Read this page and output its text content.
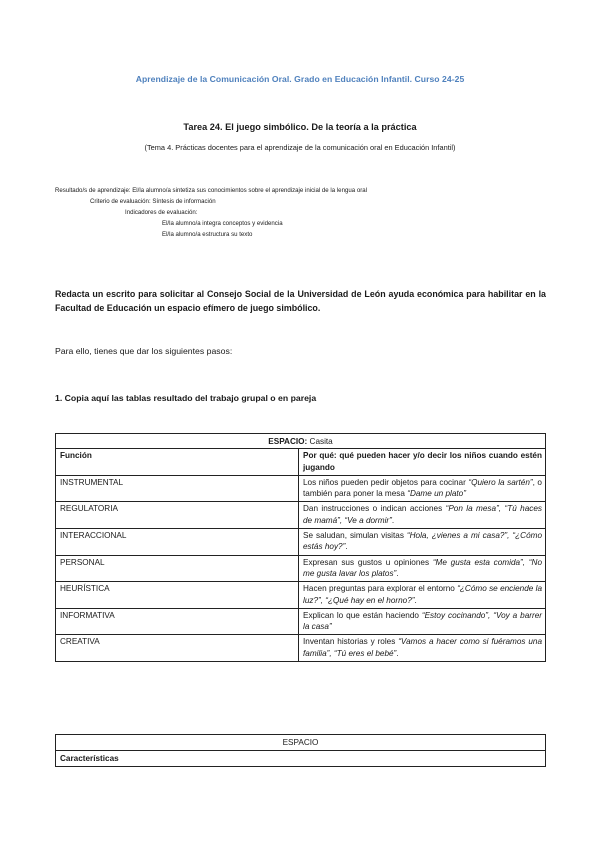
Aprendizaje de la Comunicación Oral. Grado en Educación Infantil. Curso 24-25
Tarea 24. El juego simbólico. De la teoría a la práctica
(Tema 4. Prácticas docentes para el aprendizaje de la comunicación oral en Educación Infantil)
Resultado/s de aprendizaje: El/la alumno/a sintetiza sus conocimientos sobre el aprendizaje inicial de la lengua oral
Criterio de evaluación: Síntesis de información
Indicadores de evaluación:
El/la alumno/a integra conceptos y evidencia
El/la alumno/a estructura su texto
Redacta un escrito para solicitar al Consejo Social de la Universidad de León ayuda económica para habilitar en la Facultad de Educación un espacio efímero de juego simbólico.
Para ello, tienes que dar los siguientes pasos:
1. Copia aquí las tablas resultado del trabajo grupal o en pareja
ESPACIO: Casita	
Función	Por qué: qué pueden hacer y/o decir los niños cuando estén jugando
INSTRUMENTAL	Los niños pueden pedir objetos para cocinar “Quiero la sartén”, o también para poner la mesa “Dame un plato”
REGULATORIA	Dan instrucciones o indican acciones “Pon la mesa”, “Tú haces de mamá”, “Ve a dormir”.
INTERACCIONAL	Se saludan, simulan visitas “Hola, ¿vienes a mi casa?”, “¿Cómo estás hoy?”.
PERSONAL	Expresan sus gustos u opiniones “Me gusta esta comida”, “No me gusta lavar los platos”.
HEURÍSTICA	Hacen preguntas para explorar el entorno “¿Cómo se enciende la luz?”, “¿Qué hay en el horno?”.
INFORMATIVA	Explican lo que están haciendo “Estoy cocinando”, “Voy a barrer la casa”
CREATIVA	Inventan historias y roles “Vamos a hacer como si fuéramos una familia”, “Tú eres el bebé”.
ESPACIO
Características
